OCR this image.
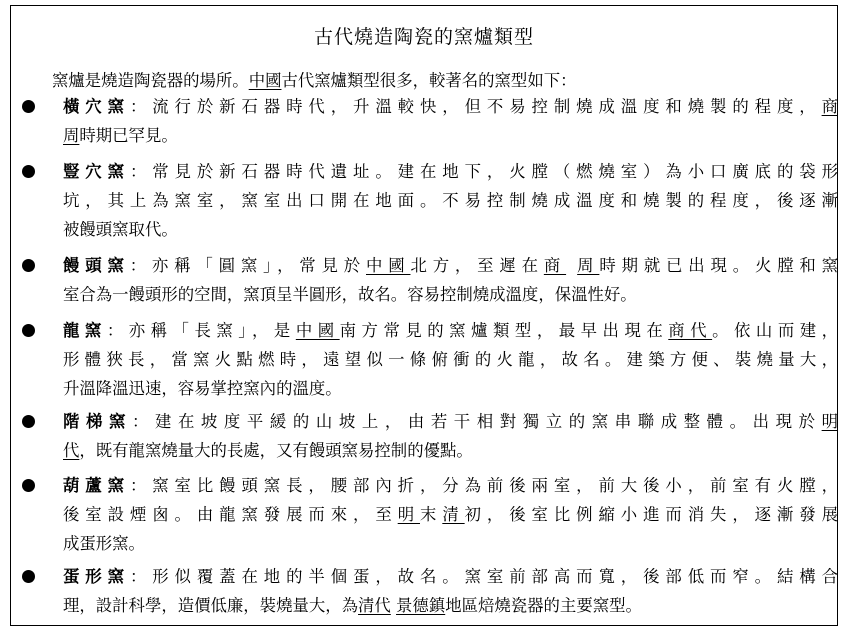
古代燒造陶瓷的窯爐類型
窯爐是燒造陶瓷器的場所。中國古代窯爐類型很多，較著名的窯型如下：
橫穴窯：流行於新石器時代，升溫較快，但不易控制燒成溫度和燒製的程度，商
周時期已罕見。
豎穴窯：常見於新石器時代遺址。建在地下，火膛（燃燒室）為小口廣底的袋形
坑，其上為窯室，窯室出口開在地面。不易控制燒成溫度和燒製的程度，後逐漸
被饅頭窯取代。
饅頭窯：亦稱「圓窯」，常見於中國北方，至遲在商 周時期就已出現。火膛和窯
室合為一饅頭形的空間，窯頂呈半圓形，故名。容易控制燒成溫度，保溫性好。
龍窯：亦稱「長窯」，是中國南方常見的窯爐類型，最早出現在商代。依山而建，
形體狹長，當窯火點燃時，遠望似一條俯衝的火龍，故名。建築方便、裝燒量大，
升溫降溫迅速，容易掌控窯內的溫度。
階梯窯：建在坡度平緩的山坡上，由若干相對獨立的窯串聯成整體。出現於明
代，既有龍窯燒量大的長處，又有饅頭窯易控制的優點。
葫蘆窯：窯室比饅頭窯長，腰部內折，分為前後兩室，前大後小，前室有火膛，
後室設煙囪。由龍窯發展而來，至明末清初，後室比例縮小進而消失，逐漸發展
成蛋形窯。
蛋形窯：形似覆蓋在地的半個蛋，故名。窯室前部高而寬，後部低而窄。結構合
理，設計科學，造價低廉，裝燒量大，為清代 景德鎮地區焙燒瓷器的主要窯型。
